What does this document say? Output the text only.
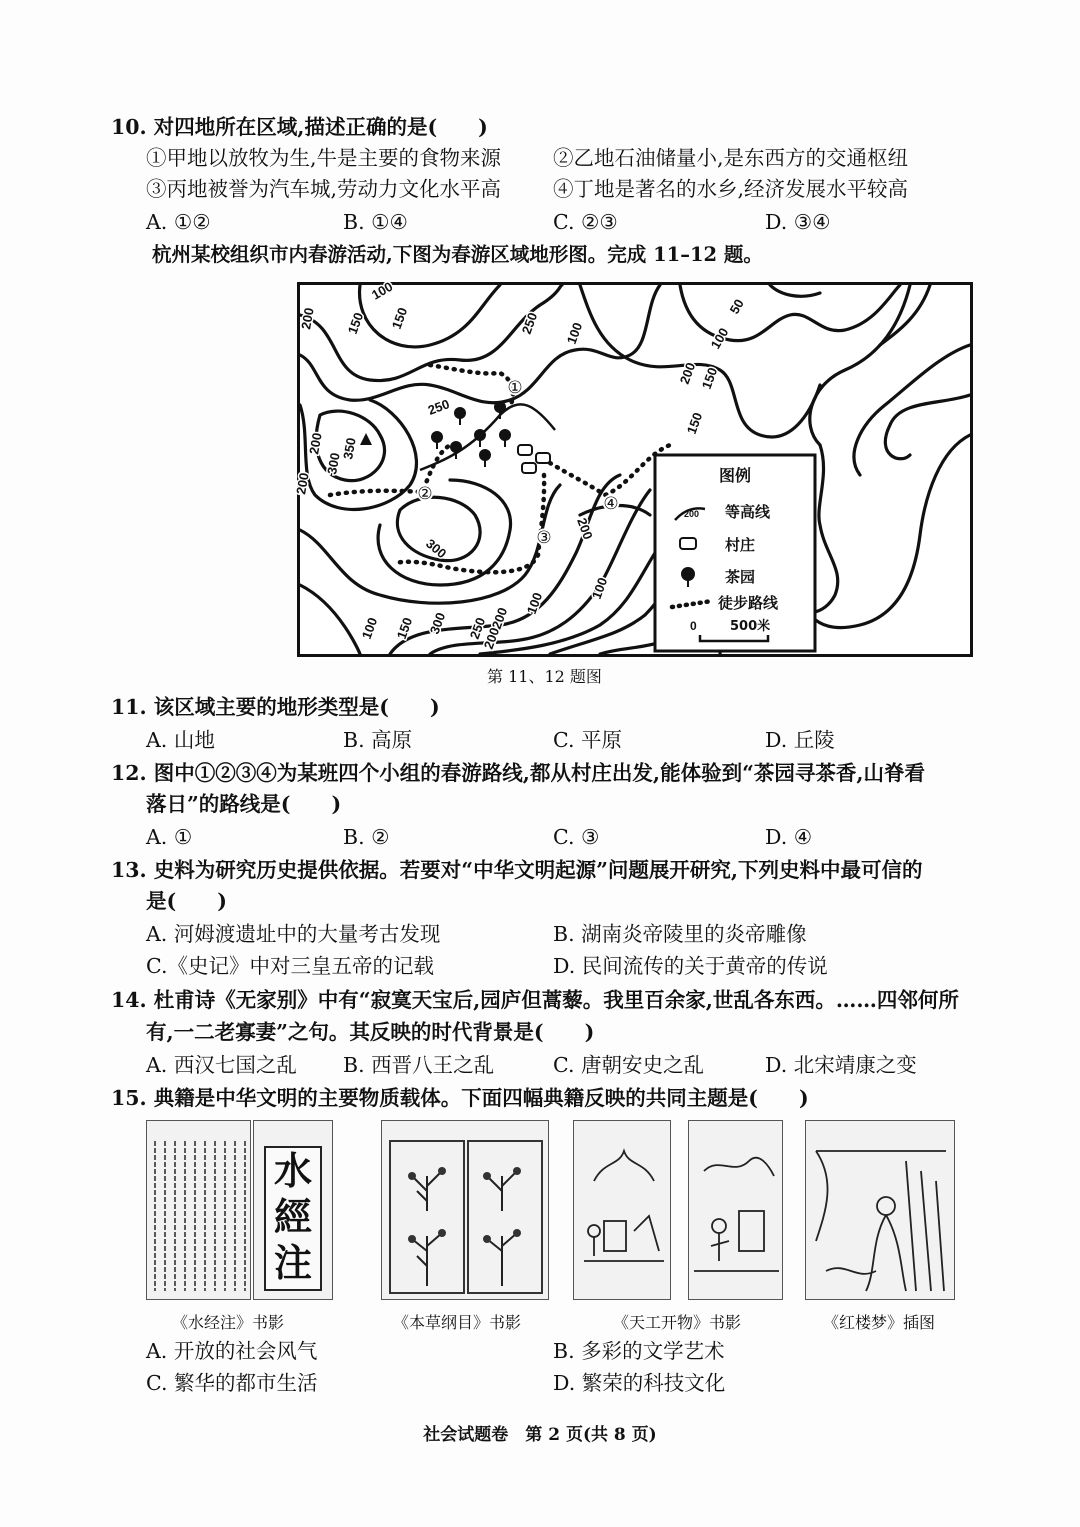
10. 对四地所在区域,描述正确的是(　　)
①甲地以放牧为生,牛是主要的食物来源	②乙地石油储量小,是东西方的交通枢纽
③丙地被誉为汽车城,劳动力文化水平高	④丁地是著名的水乡,经济发展水平较高
A. ①②	B. ①④	C. ②③	D. ③④
杭州某校组织市内春游活动,下图为春游区域地形图。完成 11–12 题。
100
150 150
200
200
250
200
300
350
250 100
50
100
150
150
200
300
200
100
100 150 300 250 200
100
200
①
②
③
④
图例
200 等高线
村庄
茶园
徒步路线
0	500米
第 11、12 题图
11. 该区域主要的地形类型是(　　)
A. 山地	B. 高原	C. 平原	D. 丘陵
12. 图中①②③④为某班四个小组的春游路线,都从村庄出发,能体验到“茶园寻茶香,山脊看
落日”的路线是(　　)
A. ①	B. ②	C. ③	D. ④
13. 史料为研究历史提供依据。若要对“中华文明起源”问题展开研究,下列史料中最可信的
是(　　)
A. 河姆渡遗址中的大量考古发现	B. 湖南炎帝陵里的炎帝雕像
C.《史记》中对三皇五帝的记载	D. 民间流传的关于黄帝的传说
14. 杜甫诗《无家别》中有“寂寞天宝后,园庐但蒿藜。我里百余家,世乱各东西。……四邻何所
有,一二老寡妻”之句。其反映的时代背景是(　　)
A. 西汉七国之乱 B. 西晋八王之乱	C. 唐朝安史之乱	D. 北宋靖康之变
15. 典籍是中华文明的主要物质载体。下面四幅典籍反映的共同主题是(　　)
水
經
注
《水经注》书影	《本草纲目》书影	《天工开物》书影	《红楼梦》插图
A. 开放的社会风气	B. 多彩的文学艺术
C. 繁华的都市生活	D. 繁荣的科技文化
社会试题卷　第 2 页(共 8 页)
